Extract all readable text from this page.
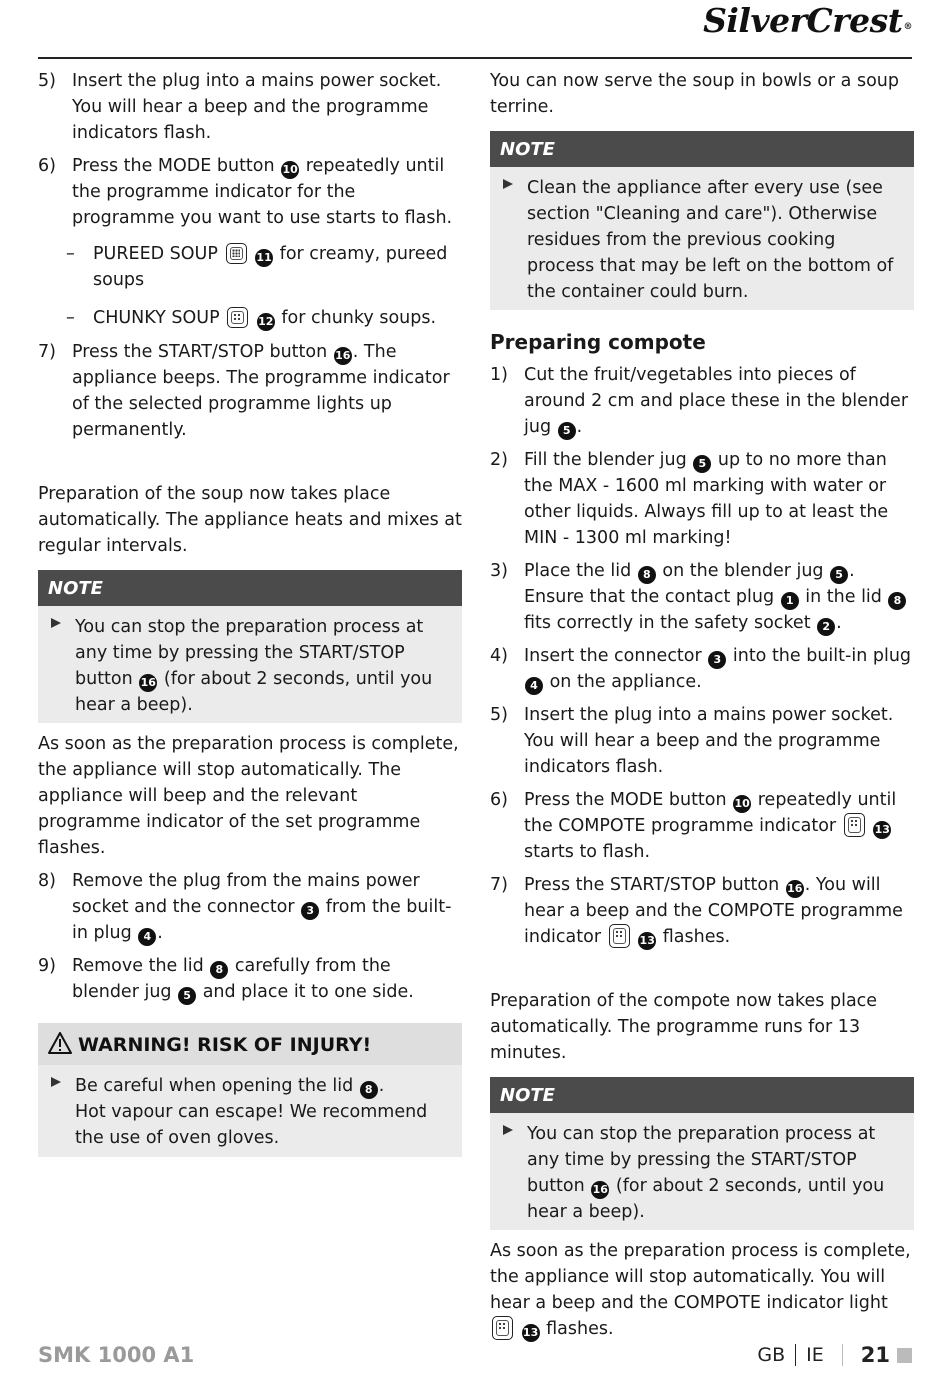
SilverCrest®
5) Insert the plug into a mains power socket. You will hear a beep and the programme indicators flash.
6) Press the MODE button 10 repeatedly until the programme indicator for the programme you want to use starts to flash.
– PUREED SOUP	11 for creamy, pureed soups
– CHUNKY SOUP	12 for chunky soups.
7) Press the START/STOP button 16 . The appliance beeps. The programme indicator of the selected programme lights up permanently.
Preparation of the soup now takes place automatically. The appliance heats and mixes at regular intervals.
NOTE
You can stop the preparation process at any time by pressing the START/STOP button 16 (for about 2 seconds, until you hear a beep).
As soon as the preparation process is complete, the appliance will stop automatically. The appliance will beep and the relevant programme indicator of the set programme flashes.
8) Remove the plug from the mains power socket and the connector 3 from the built-in plug 4 .
9) Remove the lid 8 carefully from the blender jug 5 and place it to one side.
WARNING! RISK OF INJURY!
Be careful when opening the lid 8 .
Hot vapour can escape! We recommend the use of oven gloves.
You can now serve the soup in bowls or a soup terrine.
NOTE
Clean the appliance after every use (see section "Cleaning and care"). Otherwise residues from the previous cooking process that may be left on the bottom of the container could burn.
Preparing compote
1) Cut the fruit/vegetables into pieces of around 2 cm and place these in the blender jug 5 .
2) Fill the blender jug 5 up to no more than the MAX - 1600 ml marking with water or other liquids. Always fill up to at least the MIN - 1300 ml marking!
3) Place the lid 8 on the blender jug 5 . Ensure that the contact plug 1 in the lid 8 fits correctly in the safety socket 2 .
4) Insert the connector 3 into the built-in plug 4 on the appliance.
5) Insert the plug into a mains power socket. You will hear a beep and the programme indicators flash.
6) Press the MODE button 10 repeatedly until the COMPOTE programme indicator	13 starts to flash.
7) Press the START/STOP button 16 . You will hear a beep and the COMPOTE programme indicator	13 flashes.
Preparation of the compote now takes place automatically. The programme runs for 13 minutes.
NOTE
You can stop the preparation process at any time by pressing the START/STOP button 16 (for about 2 seconds, until you hear a beep).
As soon as the preparation process is complete, the appliance will stop automatically. You will hear a beep and the COMPOTE indicator light
13 flashes.
SMK 1000 A1	GB IE 21
